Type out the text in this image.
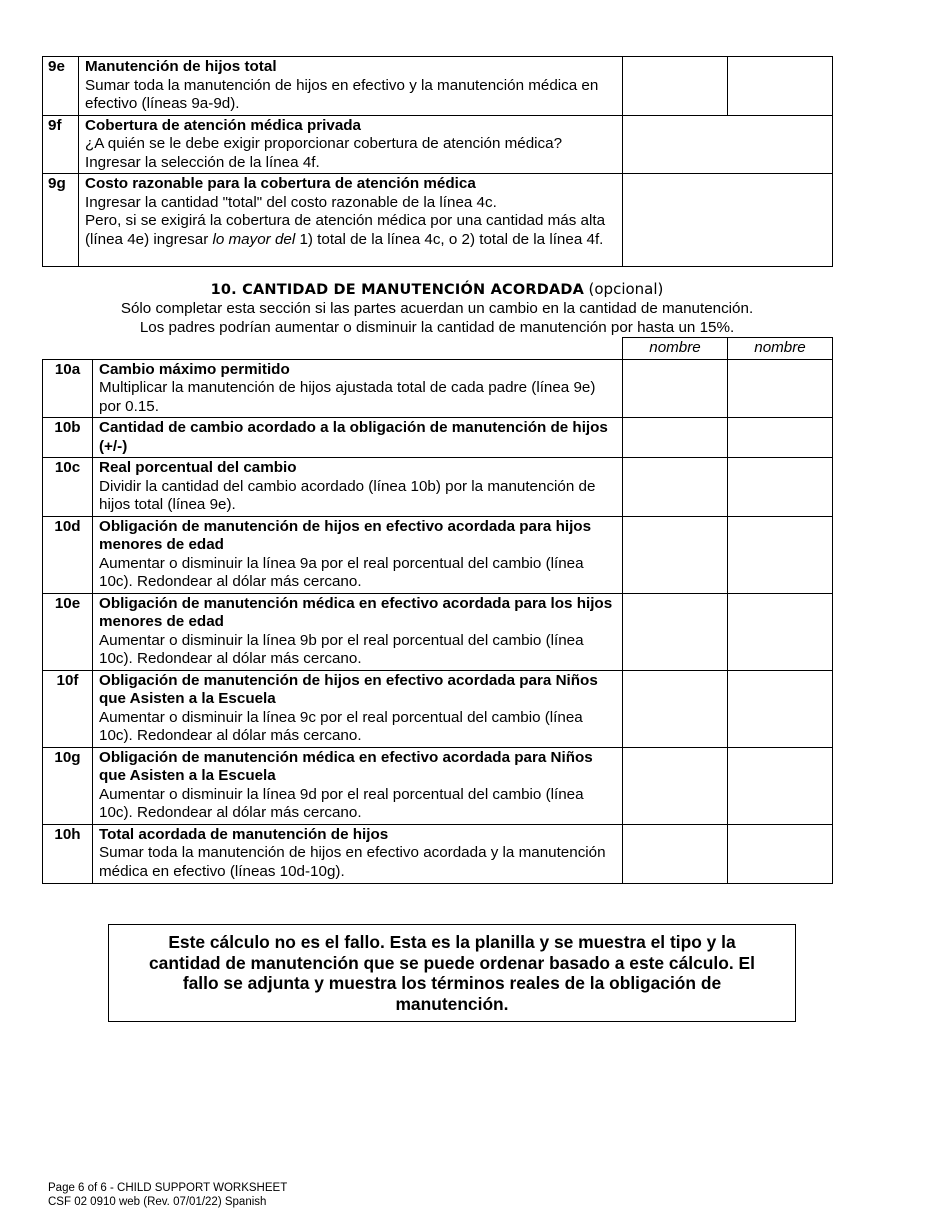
9e	Manutención de hijos total
Sumar toda la manutención de hijos en efectivo y la manutención médica en efectivo (líneas 9a-9d).		

9f	Cobertura de atención médica privada
¿A quién se le debe exigir proporcionar cobertura de atención médica?
Ingresar la selección de la línea 4f.		

9g	Costo razonable para la cobertura de atención médica
Ingresar la cantidad "total" del costo razonable de la línea 4c.
Pero, si se exigirá la cobertura de atención médica por una cantidad más alta (línea 4e) ingresar lo mayor del 1) total de la línea 4c, o 2) total de la línea 4f.		

10. CANTIDAD DE MANUTENCIÓN ACORDADA (opcional)
Sólo completar esta sección si las partes acuerdan un cambio en la cantidad de manutención.
Los padres podrían aumentar o disminuir la cantidad de manutención por hasta un 15%.
		nombre	nombre
10a	Cambio máximo permitido
Multiplicar la manutención de hijos ajustada total de cada padre (línea 9e) por 0.15.		

10b	Cantidad de cambio acordado a la obligación de manutención de hijos (+/-)		

10c	Real porcentual del cambio
Dividir la cantidad del cambio acordado (línea 10b) por la manutención de hijos total (línea 9e).		

10d	Obligación de manutención de hijos en efectivo acordada para hijos menores de edad
Aumentar o disminuir la línea 9a por el real porcentual del cambio (línea 10c). Redondear al dólar más cercano.		

10e	Obligación de manutención médica en efectivo acordada para los hijos menores de edad
Aumentar o disminuir la línea 9b por el real porcentual del cambio (línea 10c). Redondear al dólar más cercano.		

10f	Obligación de manutención de hijos en efectivo acordada para Niños que Asisten a la Escuela
Aumentar o disminuir la línea 9c por el real porcentual del cambio (línea 10c). Redondear al dólar más cercano.		

10g	Obligación de manutención médica en efectivo acordada para Niños que Asisten a la Escuela
Aumentar o disminuir la línea 9d por el real porcentual del cambio (línea 10c). Redondear al dólar más cercano.		

10h	Total acordada de manutención de hijos
Sumar toda la manutención de hijos en efectivo acordada y la manutención médica en efectivo (líneas 10d-10g).		

Este cálculo no es el fallo. Esta es la planilla y se muestra el tipo y la cantidad de manutención que se puede ordenar basado a este cálculo. El fallo se adjunta y muestra los términos reales de la obligación de manutención.
Page 6 of 6 - CHILD SUPPORT WORKSHEET
CSF 02 0910 web (Rev. 07/01/22) Spanish
